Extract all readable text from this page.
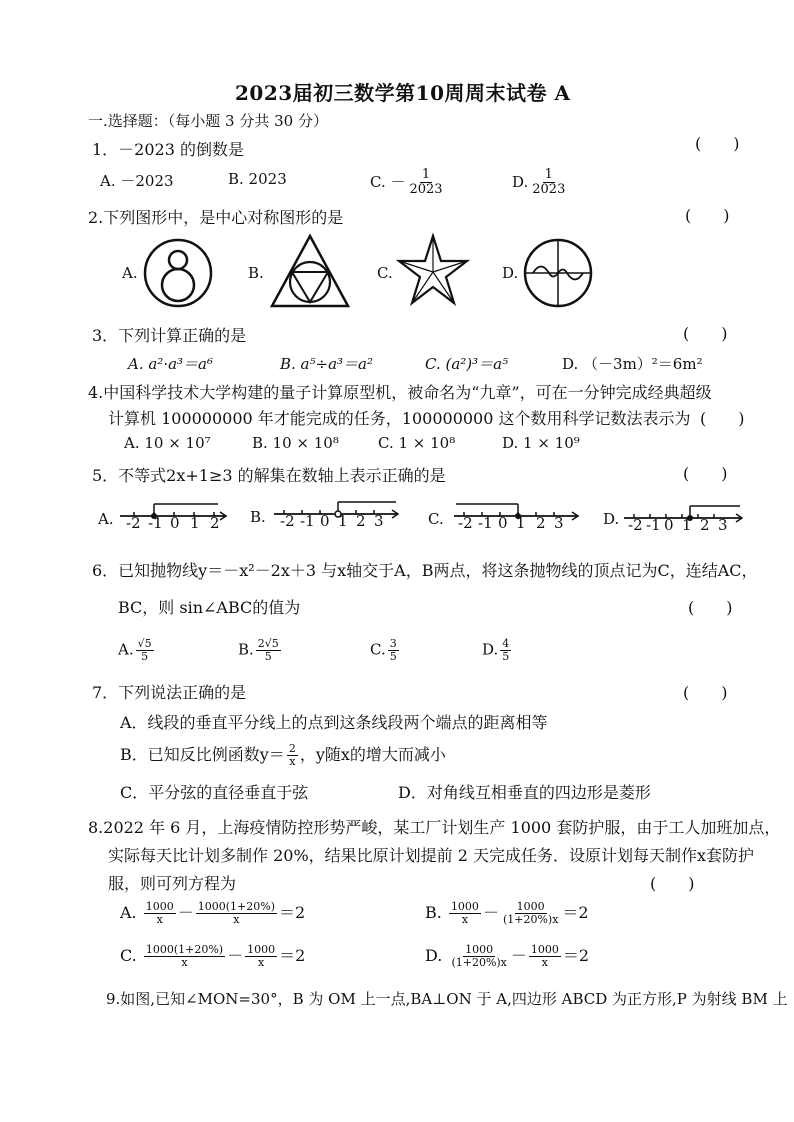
2023届初三数学第10周周末试卷 A
一.选择题：（每小题 3 分共 30 分）
1．－2023 的倒数是	(　　)
A. －2023	B. 2023	C. － $\frac{1}{2023}$	D. $\frac{1}{2023}$
2.下列图形中，是中心对称图形的是	(　　)
A.	B.	C.	D.
3．下列计算正确的是	(　　)
A. a²·a³＝a⁶	B. a⁵÷a³＝a²	C. (a²)³＝a⁵	D. （－3m）²＝6m²
4.中国科学技术大学构建的量子计算原型机，被命名为“九章”，可在一分钟完成经典超级
计算机 100000000 年才能完成的任务，100000000 这个数用科学记数法表示为 (　　)
A. 10 × 10⁷	B. 10 × 10⁸	C. 1 × 10⁸	D. 1 × 10⁹
5．不等式2x+1≥3 的解集在数轴上表示正确的是	(　　)
A.	B.	C.	D.
-2 -1 0 1 2	-2 -1 0 1 2 3	-2 -1 0 1 2 3	-2 -1 0 1 2 3
6．已知抛物线y＝－x²－2x＋3 与x轴交于A，B两点，将这条抛物线的顶点记为C，连结AC，
BC，则 sin∠ABC的值为	(　　)
A. $\frac{√5}{5}$	B. $\frac{2√5}{5}$	C. $\frac{3}{5}$	D. $\frac{4}{5}$
7．下列说法正确的是	(　　)
A．线段的垂直平分线上的点到这条线段两个端点的距离相等
B．已知反比例函数$y= \frac{2}{x}$ ，y随x的增大而减小
C．平分弦的直径垂直于弦	D．对角线互相垂直的四边形是菱形
8.2022 年 6 月，上海疫情防控形势严峻，某工厂计划生产 1000 套防护服，由于工人加班加点，
实际每天比计划多制作 20%，结果比原计划提前 2 天完成任务．设原计划每天制作x套防护
服，则可列方程为	(　　)
A. $\frac{1000}{x} - \frac{1000(1+20\%)}{x} =2$	B. $\frac{1000}{x} - \frac{1000}{(1+20\%)x} =2$
C. $\frac{1000(1+20\%)}{x} - \frac{1000}{x} =2$	D. $\frac{1000}{(1+20\%)x} - \frac{1000}{x} =2$
9.如图,已知∠MON=30°，B 为 OM 上一点,BA⊥ON 于 A,四边形 ABCD 为正方形,P 为射线 BM 上
